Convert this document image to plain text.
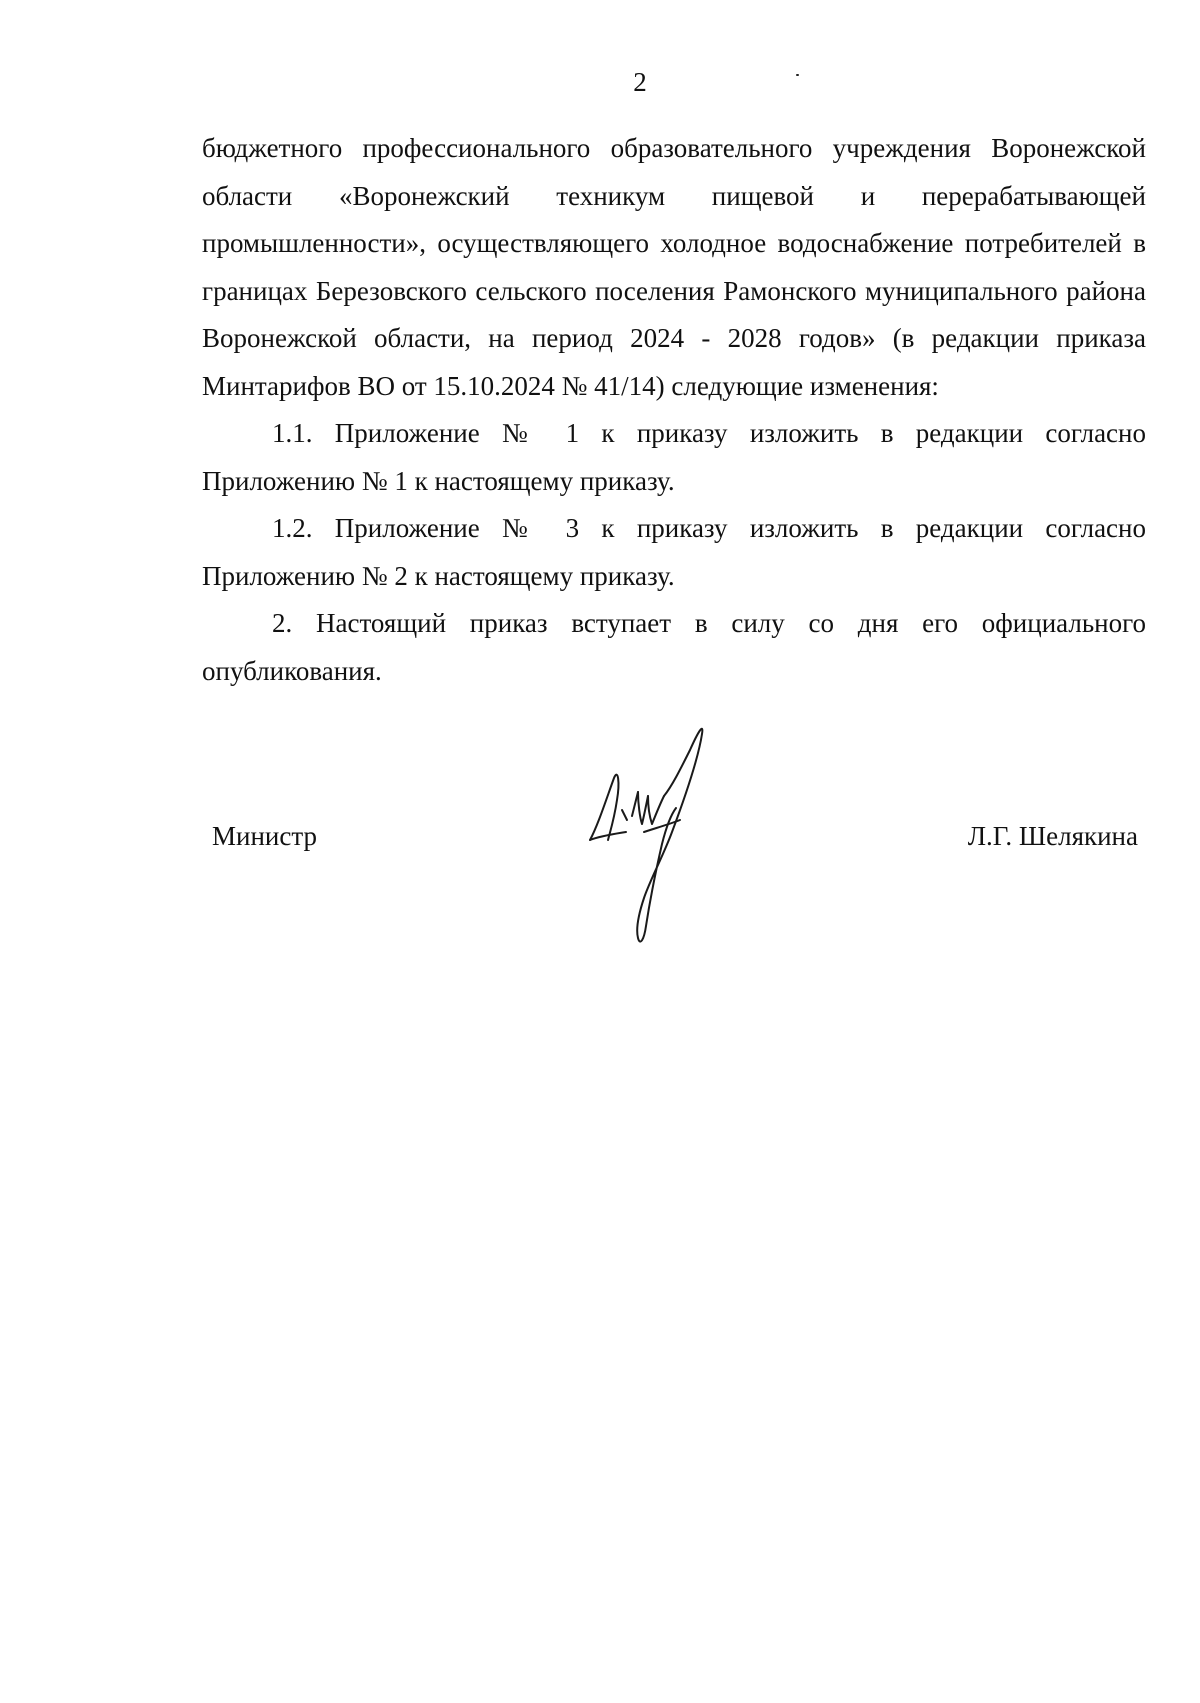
2

бюджетного профессионального образовательного учреждения Воронежской области «Воронежский техникум пищевой и перерабатывающей промышленности», осуществляющего холодное водоснабжение потребителей в границах Березовского сельского поселения Рамонского муниципального района Воронежской области, на период 2024 - 2028 годов» (в редакции приказа Минтарифов ВО от 15.10.2024 № 41/14) следующие изменения:

1.1. Приложение № 1 к приказу изложить в редакции согласно Приложению № 1 к настоящему приказу.

1.2. Приложение № 3 к приказу изложить в редакции согласно Приложению № 2 к настоящему приказу.

2. Настоящий приказ вступает в силу со дня его официального опубликования.

Министр	Л.Г. Шелякина
